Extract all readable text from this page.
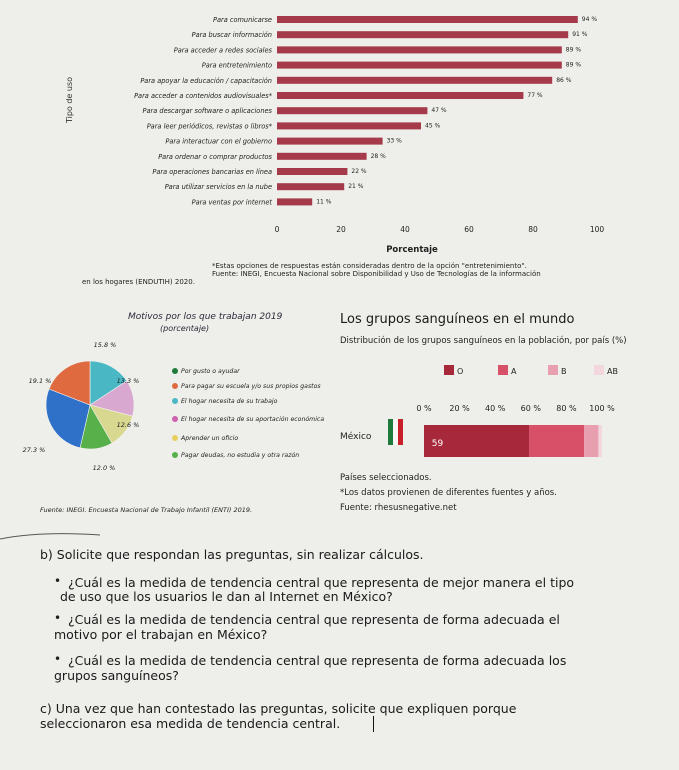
Para comunicarse	94 %
Para buscar información	91 %
Para acceder a redes sociales	89 %
Para entretenimiento	89 %
Para apoyar la educación / capacitación	86 %
Para acceder a contenidos audiovisuales*	77 %
Para descargar software o aplicaciones	47 %
Para leer periódicos, revistas o libros*	45 %
Para interactuar con el gobierno	33 %
Para ordenar o comprar productos	28 %
Para operaciones bancarias en línea	22 %
Para utilizar servicios en la nube	21 %
Para ventas por internet	11 %
0	20	40	60	80	100
Tipo de uso
Porcentaje
*Estas opciones de respuestas están consideradas dentro de la opción "entretenimiento".
Fuente: INEGI, Encuesta Nacional sobre Disponibilidad y Uso de Tecnologías de la información
en los hogares (ENDUTIH) 2020.
Motivos por los que trabajan 2019
(porcentaje)
15.8 %
13.3 %
12.6 %
12.0 %
27.3 %
19.1 %
Por gusto o ayudar
Para pagar su escuela y/o sus propios gastos
El hogar necesita de su trabajo
El hogar necesita de su aportación económica
Aprender un oficio
Pagar deudas, no estudia y otra razón
Fuente: INEGI. Encuesta Nacional de Trabajo Infantil (ENTI) 2019.
Los grupos sanguíneos en el mundo
Distribución de los grupos sanguíneos en la población, por país (%)
O	A	B	AB
0 % 20 % 40 % 60 % 80 % 100 %
59
México
Países seleccionados.
*Los datos provienen de diferentes fuentes y años.
Fuente: rhesusnegative.net
b) Solicite que respondan las preguntas, sin realizar cálculos.
• ¿Cuál es la medida de tendencia central que representa de mejor manera el tipo
de uso que los usuarios le dan al Internet en México?
• ¿Cuál es la medida de tendencia central que representa de forma adecuada el
motivo por el trabajan en México?
• ¿Cuál es la medida de tendencia central que representa de forma adecuada los
grupos sanguíneos?
c) Una vez que han contestado las preguntas, solicite que expliquen porque
seleccionaron esa medida de tendencia central.
